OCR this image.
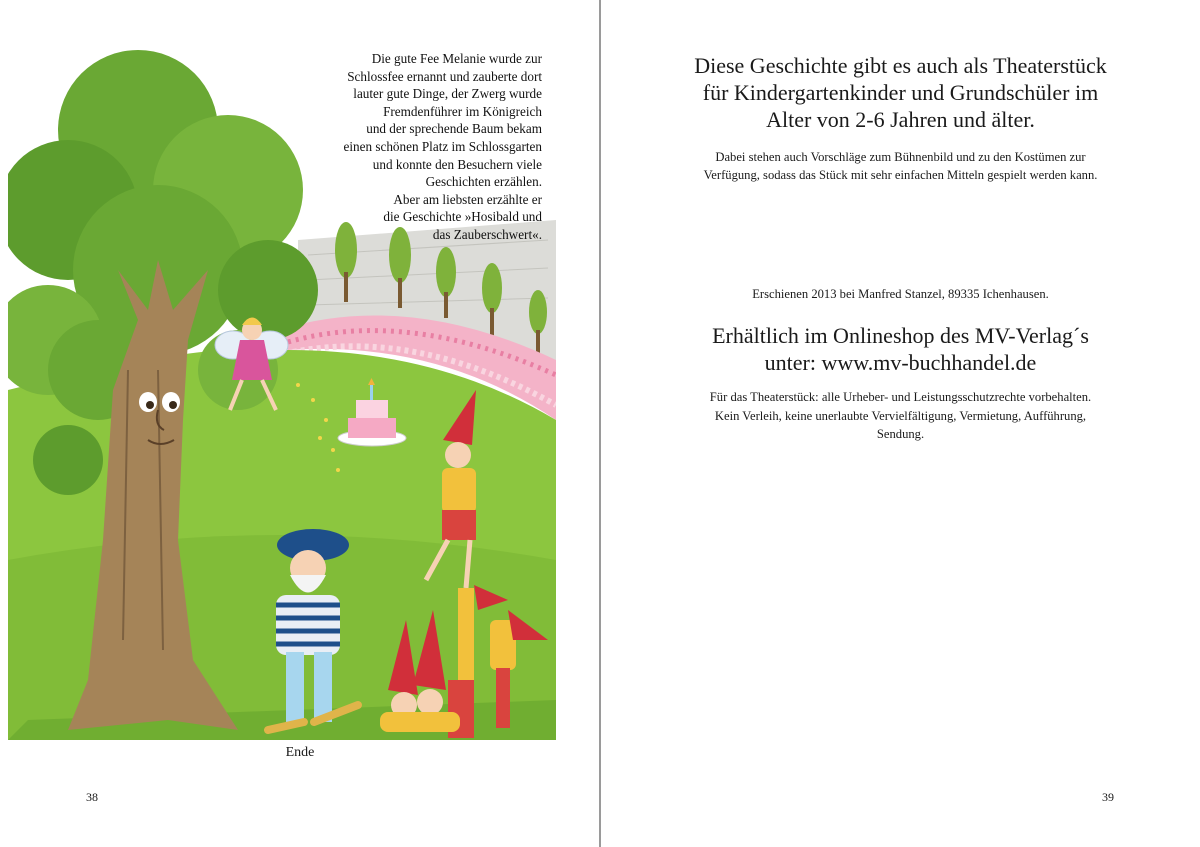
Die gute Fee Melanie wurde zur
Schlossfee ernannt und zauberte dort
lauter gute Dinge, der Zwerg wurde
Fremdenführer im Königreich
und der sprechende Baum bekam
einen schönen Platz im Schlossgarten
und konnte den Besuchern viele
Geschichten erzählen.
Aber am liebsten erzählte er
die Geschichte »Hosibald und
das Zauberschwert«.
Ende
38
Diese Geschichte gibt es auch als Theaterstück
für Kindergartenkinder und Grundschüler im
Alter von 2-6 Jahren und älter.
Dabei stehen auch Vorschläge zum Bühnenbild und zu den Kostümen zur
Verfügung, sodass das Stück mit sehr einfachen Mitteln gespielt werden kann.
Erschienen 2013 bei Manfred Stanzel, 89335 Ichenhausen.
Erhältlich im Onlineshop des MV-Verlag´s
unter: www.mv-buchhandel.de
Für das Theaterstück: alle Urheber- und Leistungsschutzrechte vorbehalten.
Kein Verleih, keine unerlaubte Vervielfältigung, Vermietung, Aufführung,
Sendung.
39
